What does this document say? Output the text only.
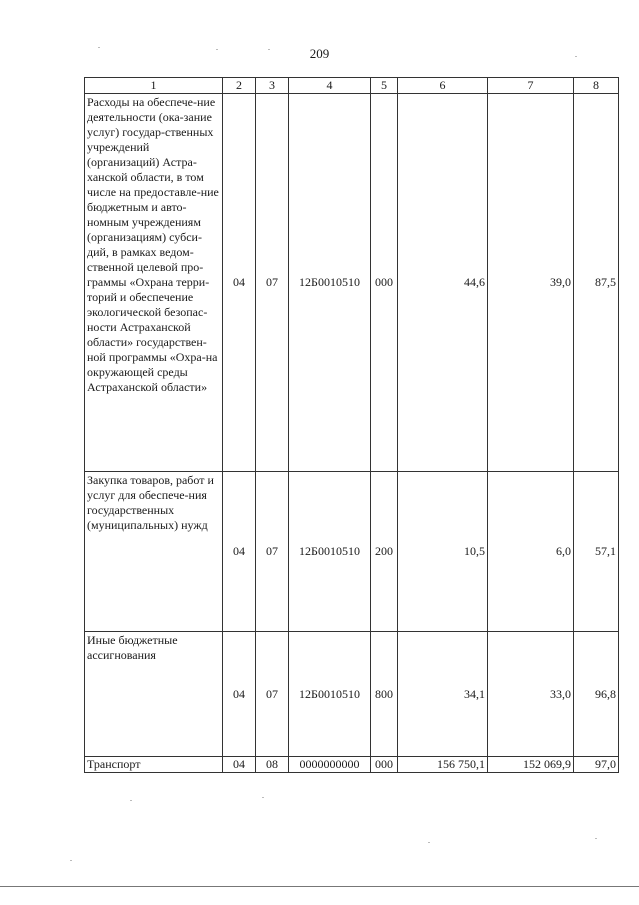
209
1	2	3	4	5	6	7	8
Расходы на обеспече-ние деятельности (ока-зание услуг) государ-ственных учреждений (организаций) Астра-ханской области, в том числе на предоставле-ние бюджетным и авто-номным учреждениям (организациям) субси-дий, в рамках ведом-ственной целевой про-граммы «Охрана терри-торий и обеспечение экологической безопас-ности Астраханской области» государствен-ной программы «Охра-на окружающей среды Астраханской области»	04	07	12Б0010510	000	44,6	39,0	87,5
Закупка товаров, работ и услуг для обеспече-ния государственных (муниципальных) нужд	04	07	12Б0010510	200	10,5	6,0	57,1
Иные бюджетные ассигнования	04	07	12Б0010510	800	34,1	33,0	96,8
Транспорт	04	08	0000000000	000	156 750,1	152 069,9	97,0
